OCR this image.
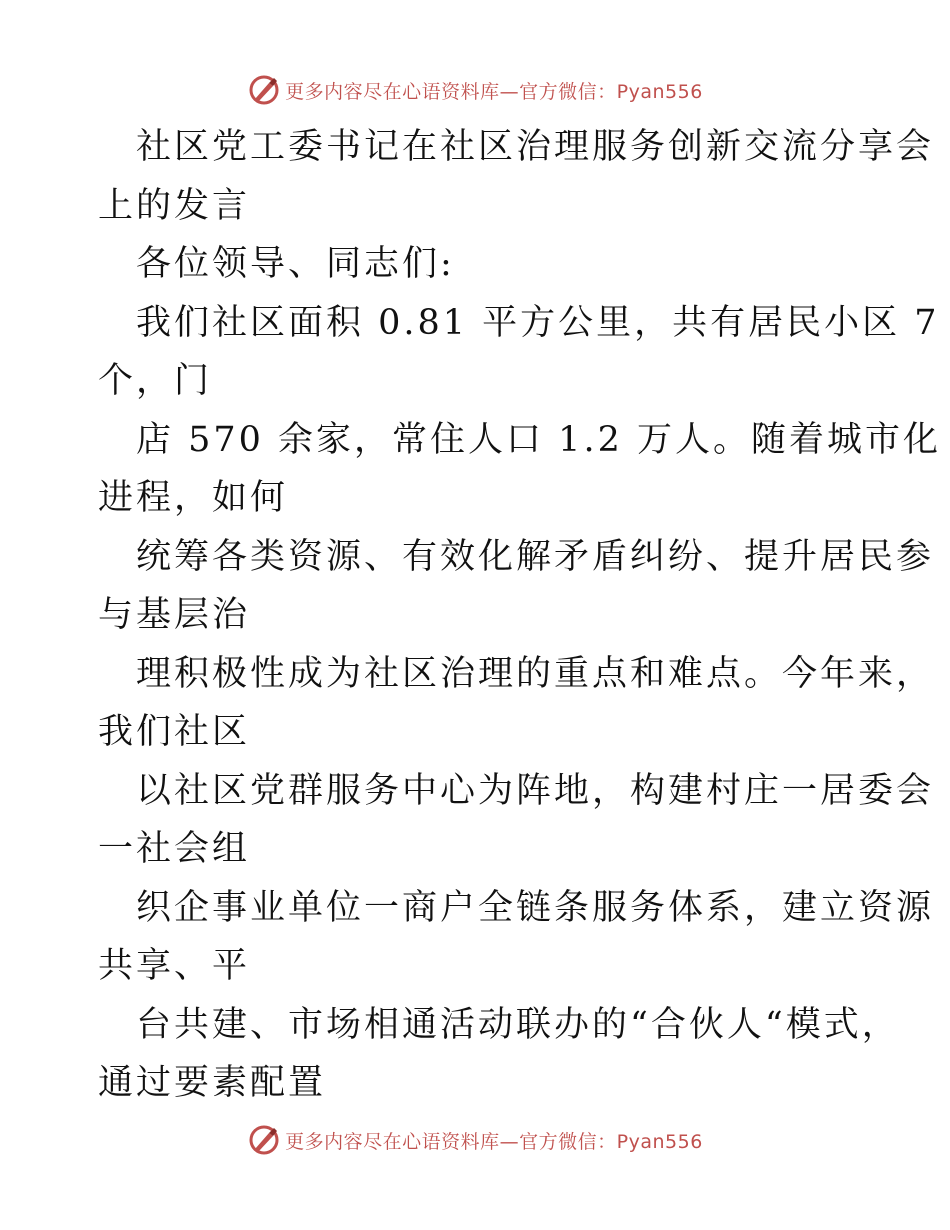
更多内容尽在心语资料库—官方微信：Pyan556
社区党工委书记在社区治理服务创新交流分享会
上的发言
各位领导、同志们:
我们社区面积 0.81 平方公里，共有居民小区 7
个，门
店 570 余家，常住人口 1.2 万人。随着城市化
进程，如何
统筹各类资源、有效化解矛盾纠纷、提升居民参
与基层治
理积极性成为社区治理的重点和难点。今年来，
我们社区
以社区党群服务中心为阵地，构建村庄一居委会
一社会组
织企事业单位一商户全链条服务体系，建立资源
共享、平
台共建、市场相通活动联办的“合伙人“模式，
通过要素配置
更多内容尽在心语资料库—官方微信：Pyan556
